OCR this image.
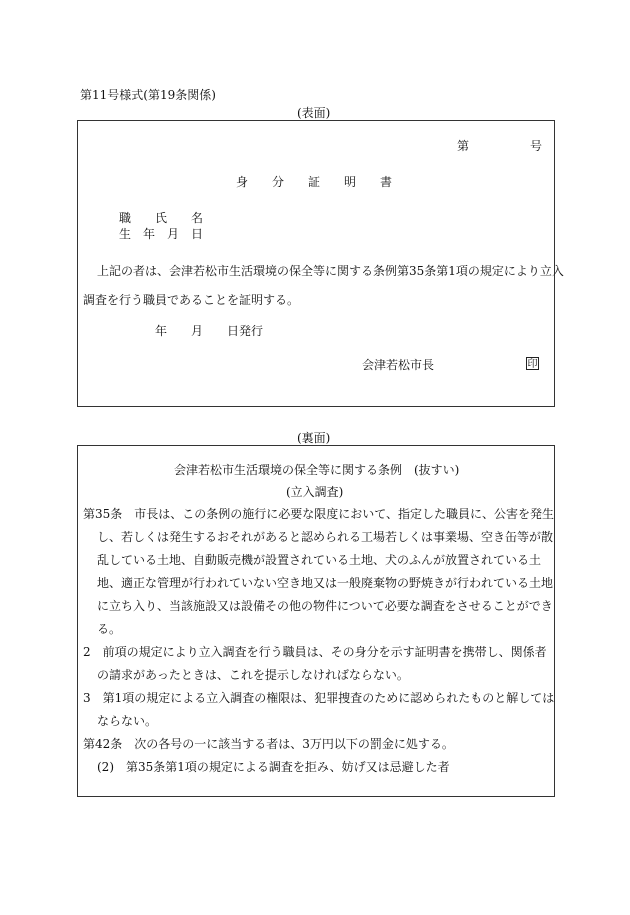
第11号様式(第19条関係)
(表面)
第	号
身　　分　　証　　明　　書
職　　氏　　名
生　年　月　日
上記の者は、会津若松市生活環境の保全等に関する条例第35条第1項の規定により立入
調査を行う職員であることを証明する。
年　　月　　日発行
会津若松市長	印
(裏面)
会津若松市生活環境の保全等に関する条例　(抜すい)
(立入調査)
第35条　市長は、この条例の施行に必要な限度において、指定した職員に、公害を発生
し、若しくは発生するおそれがあると認められる工場若しくは事業場、空き缶等が散
乱している土地、自動販売機が設置されている土地、犬のふんが放置されている土
地、適正な管理が行われていない空き地又は一般廃棄物の野焼きが行われている土地
に立ち入り、当該施設又は設備その他の物件について必要な調査をさせることができ
る。
2　前項の規定により立入調査を行う職員は、その身分を示す証明書を携帯し、関係者
の請求があったときは、これを提示しなければならない。
3　第1項の規定による立入調査の権限は、犯罪捜査のために認められたものと解しては
ならない。
第42条　次の各号の一に該当する者は、3万円以下の罰金に処する。
(2)　第35条第1項の規定による調査を拒み、妨げ又は忌避した者
